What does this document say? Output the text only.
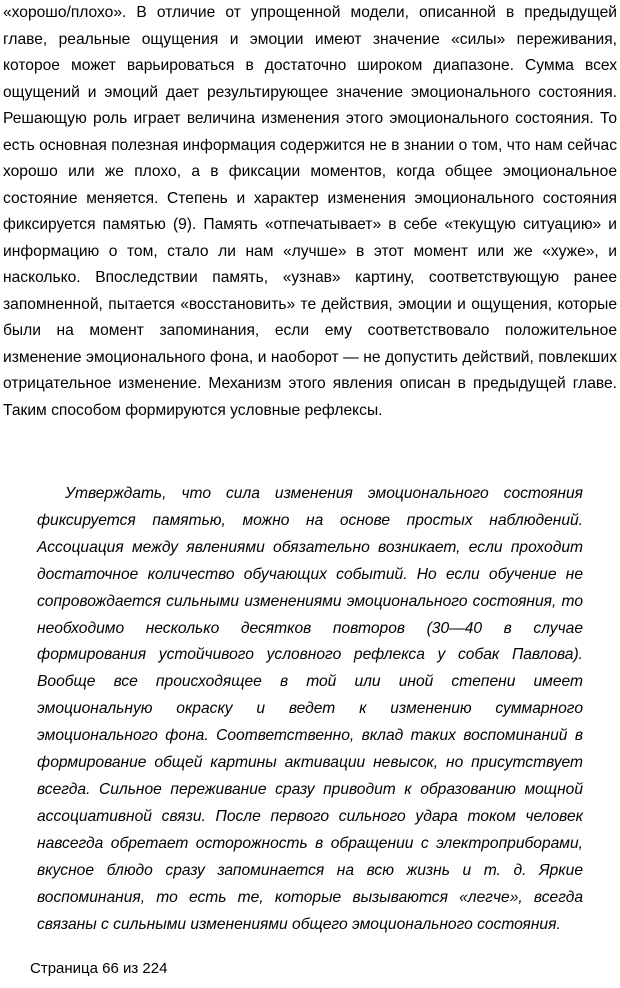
«хорошо/плохо». В отличие от упрощенной модели, описанной в предыдущей главе, реальные ощущения и эмоции имеют значение «силы» переживания, которое может варьироваться в достаточно широком диапазоне. Сумма всех ощущений и эмоций дает результирующее значение эмоционального состояния. Решающую роль играет величина изменения этого эмоционального состояния. То есть основная полезная информация содержится не в знании о том, что нам сейчас хорошо или же плохо, а в фиксации моментов, когда общее эмоциональное состояние меняется. Степень и характер изменения эмоционального состояния фиксируется памятью (9). Память «отпечатывает» в себе «текущую ситуацию» и информацию о том, стало ли нам «лучше» в этот момент или же «хуже», и насколько. Впоследствии память, «узнав» картину, соответствующую ранее запомненной, пытается «восстановить» те действия, эмоции и ощущения, которые были на момент запоминания, если ему соответствовало положительное изменение эмоционального фона, и наоборот — не допустить действий, повлекших отрицательное изменение. Механизм этого явления описан в предыдущей главе. Таким способом формируются условные рефлексы.

Утверждать, что сила изменения эмоционального состояния фиксируется памятью, можно на основе простых наблюдений. Ассоциация между явлениями обязательно возникает, если проходит достаточное количество обучающих событий. Но если обучение не сопровождается сильными изменениями эмоционального состояния, то необходимо несколько десятков повторов (30—40 в случае формирования устойчивого условного рефлекса у собак Павлова). Вообще все происходящее в той или иной степени имеет эмоциональную окраску и ведет к изменению суммарного эмоционального фона. Соответственно, вклад таких воспоминаний в формирование общей картины активации невысок, но присутствует всегда. Сильное переживание сразу приводит к образованию мощной ассоциативной связи. После первого сильного удара током человек навсегда обретает осторожность в обращении с электроприборами, вкусное блюдо сразу запоминается на всю жизнь и т. д. Яркие воспоминания, то есть те, которые вызываются «легче», всегда связаны с сильными изменениями общего эмоционального состояния.

Страница 66 из 224
